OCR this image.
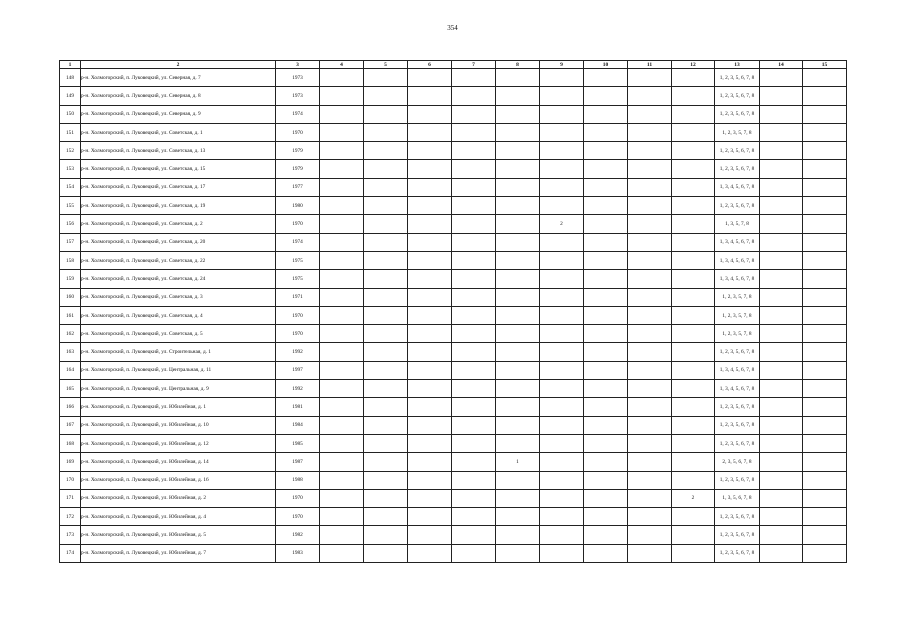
354
1	2	3	4	5	6	7	8	9	10	11	12	13	14	15
148	р-н. Холмогорский, п. Луковецкий, ул. Северная, д. 7	1973										1, 2, 3, 5, 6, 7, 8		
149	р-н. Холмогорский, п. Луковецкий, ул. Северная, д. 8	1973										1, 2, 3, 5, 6, 7, 8		
150	р-н. Холмогорский, п. Луковецкий, ул. Северная, д. 9	1974										1, 2, 3, 5, 6, 7, 8		
151	р-н. Холмогорский, п. Луковецкий, ул. Советская, д. 1	1970										1, 2, 3, 5, 7, 8		
152	р-н. Холмогорский, п. Луковецкий, ул. Советская, д. 13	1979										1, 2, 3, 5, 6, 7, 8		
153	р-н. Холмогорский, п. Луковецкий, ул. Советская, д. 15	1979										1, 2, 3, 5, 6, 7, 8		
154	р-н. Холмогорский, п. Луковецкий, ул. Советская, д. 17	1977										1, 3, 4, 5, 6, 7, 8		
155	р-н. Холмогорский, п. Луковецкий, ул. Советская, д. 19	1980										1, 2, 3, 5, 6, 7, 8		
156	р-н. Холмогорский, п. Луковецкий, ул. Советская, д. 2	1970						2				1, 3, 5, 7, 8		
157	р-н. Холмогорский, п. Луковецкий, ул. Советская, д. 20	1974										1, 3, 4, 5, 6, 7, 8		
158	р-н. Холмогорский, п. Луковецкий, ул. Советская, д. 22	1975										1, 3, 4, 5, 6, 7, 8		
159	р-н. Холмогорский, п. Луковецкий, ул. Советская, д. 24	1975										1, 3, 4, 5, 6, 7, 8		
160	р-н. Холмогорский, п. Луковецкий, ул. Советская, д. 3	1971										1, 2, 3, 5, 7, 8		
161	р-н. Холмогорский, п. Луковецкий, ул. Советская, д. 4	1970										1, 2, 3, 5, 7, 8		
162	р-н. Холмогорский, п. Луковецкий, ул. Советская, д. 5	1970										1, 2, 3, 5, 7, 8		
163	р-н. Холмогорский, п. Луковецкий, ул. Строительная, д. 1	1992										1, 2, 3, 5, 6, 7, 8		
164	р-н. Холмогорский, п. Луковецкий, ул. Центральная, д. 11	1997										1, 3, 4, 5, 6, 7, 8		
165	р-н. Холмогорский, п. Луковецкий, ул. Центральная, д. 9	1992										1, 3, 4, 5, 6, 7, 8		
166	р-н. Холмогорский, п. Луковецкий, ул. Юбилейная, д. 1	1981										1, 2, 3, 5, 6, 7, 8		
167	р-н. Холмогорский, п. Луковецкий, ул. Юбилейная, д. 10	1984										1, 2, 3, 5, 6, 7, 8		
168	р-н. Холмогорский, п. Луковецкий, ул. Юбилейная, д. 12	1985										1, 2, 3, 5, 6, 7, 8		
169	р-н. Холмогорский, п. Луковецкий, ул. Юбилейная, д. 14	1987					1					2, 3, 5, 6, 7, 8		
170	р-н. Холмогорский, п. Луковецкий, ул. Юбилейная, д. 16	1988										1, 2, 3, 5, 6, 7, 8		
171	р-н. Холмогорский, п. Луковецкий, ул. Юбилейная, д. 2	1970									2	1, 3, 5, 6, 7, 8		
172	р-н. Холмогорский, п. Луковецкий, ул. Юбилейная, д. 4	1970										1, 2, 3, 5, 6, 7, 8		
173	р-н. Холмогорский, п. Луковецкий, ул. Юбилейная, д. 5	1982										1, 2, 3, 5, 6, 7, 8		
174	р-н. Холмогорский, п. Луковецкий, ул. Юбилейная, д. 7	1983										1, 2, 3, 5, 6, 7, 8		
